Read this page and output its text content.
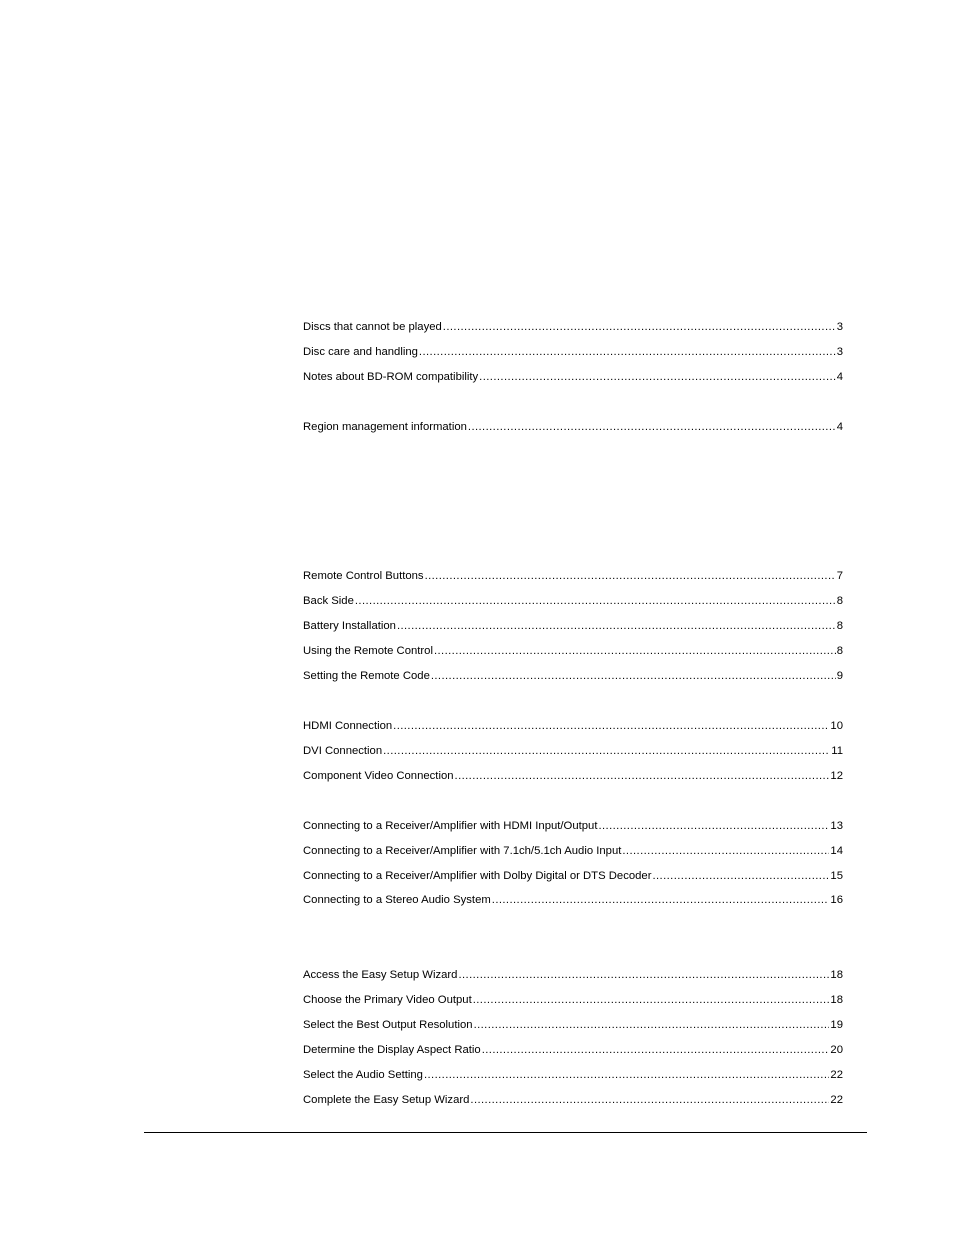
Discs that cannot be played .....	3
Disc care and handling .....	3
Notes about BD-ROM compatibility .....	4
Region management information .....	4
Remote Control Buttons .....	7
Back Side .....	8
Battery Installation .....	8
Using the Remote Control .....	8
Setting the Remote Code .....	9
HDMI Connection .....	10
DVI Connection .....	11
Component Video Connection .....	12
Connecting to a Receiver/Amplifier with HDMI Input/Output .....	13
Connecting to a Receiver/Amplifier with 7.1ch/5.1ch Audio Input .....	14
Connecting to a Receiver/Amplifier with Dolby Digital or DTS Decoder .....	15
Connecting to a Stereo Audio System .....	16
Access the Easy Setup Wizard .....	18
Choose the Primary Video Output .....	18
Select the Best Output Resolution .....	19
Determine the Display Aspect Ratio .....	20
Select the Audio Setting .....	22
Complete the Easy Setup Wizard .....	22
